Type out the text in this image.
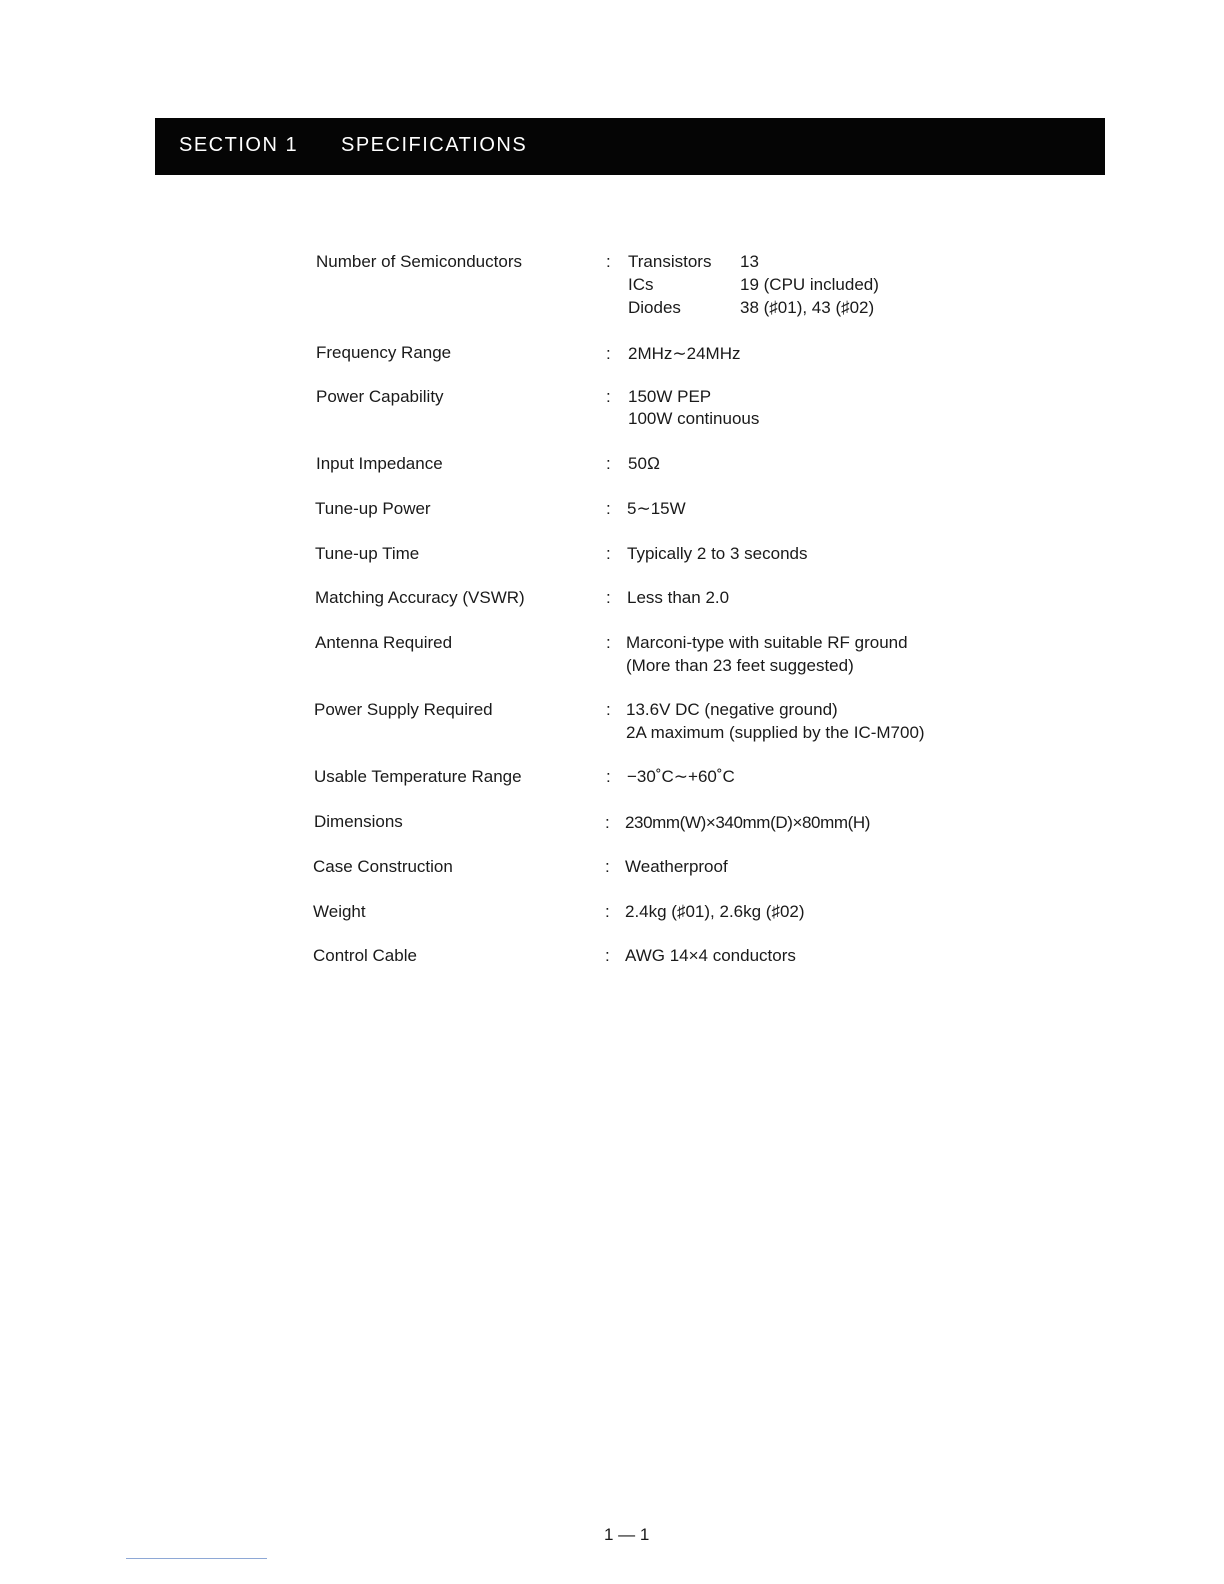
SECTION 1 SPECIFICATIONS
Number of Semiconductors	: Transistors 13
ICs	19 (CPU included)
Diodes	38 (♯01), 43 (♯02)
Frequency Range	: 2MHz∼24MHz
Power Capability	: 150W PEP
100W continuous
Input Impedance	: 50Ω
Tune-up Power	: 5∼15W
Tune-up Time	: Typically 2 to 3 seconds
Matching Accuracy (VSWR)	: Less than 2.0
Antenna Required	: Marconi-type with suitable RF ground
(More than 23 feet suggested)
Power Supply Required	: 13.6V DC (negative ground)
2A maximum (supplied by the IC-M700)
Usable Temperature Range	: −30˚C∼+60˚C
Dimensions	: 230mm(W)×340mm(D)×80mm(H)
Case Construction	: Weatherproof
Weight	: 2.4kg (♯01), 2.6kg (♯02)
Control Cable	: AWG 14×4 conductors
1 — 1
